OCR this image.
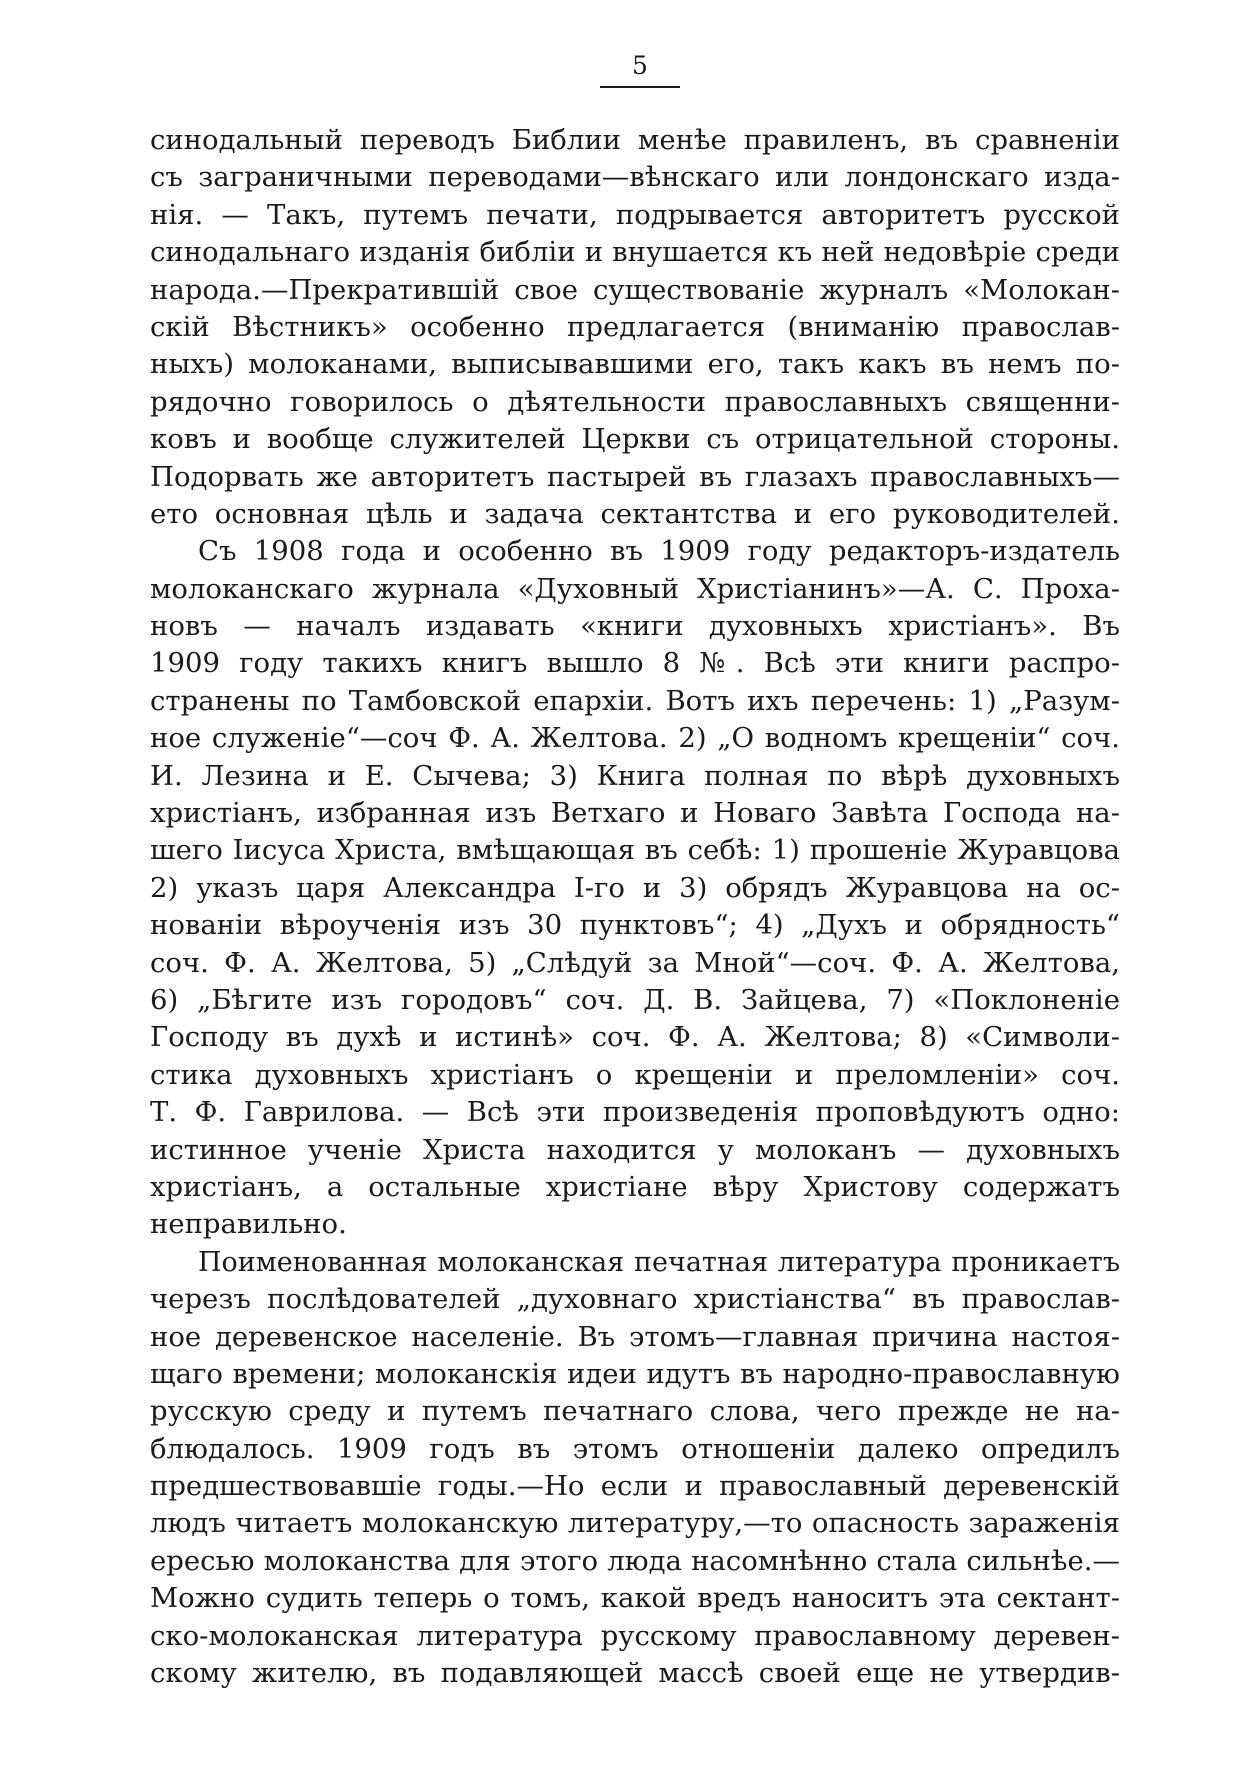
5
синодальный переводъ Библии менѣе правиленъ, въ сравненіи
съ заграничными переводами—вѣнскаго или лондонскаго изда-
нія. — Такъ, путемъ печати, подрывается авторитетъ русской
синодальнаго изданія библіи и внушается къ ней недовѣріе среди
народа.—Прекратившій свое существованіе журналъ «Молокан-
скій Вѣстникъ» особенно предлагается (вниманію православ-
ныхъ) молоканами, выписывавшими его, такъ какъ въ немъ по-
рядочно говорилось о дѣятельности православныхъ священни-
ковъ и вообще служителей Церкви съ отрицательной стороны.
Подорвать же авторитетъ пастырей въ глазахъ православныхъ—
ето основная цѣль и задача сектантства и его руководителей.
Съ 1908 года и особенно въ 1909 году редакторъ-издатель
молоканскаго журнала «Духовный Христіанинъ»—А. С. Проха-
новъ — началъ издавать «книги духовныхъ христіанъ». Въ
1909 году такихъ книгъ вышло 8 №. Всѣ эти книги распро-
странены по Тамбовской епархіи. Вотъ ихъ перечень: 1) „Разум-
ное служеніе“—соч Ф. А. Желтова. 2) „О водномъ крещеніи“ соч.
И. Лезина и Е. Сычева; 3) Книга полная по вѣрѣ духовныхъ
христіанъ, избранная изъ Ветхаго и Новаго Завѣта Господа на-
шего Іисуса Христа, вмѣщающая въ себѣ: 1) прошеніе Журавцова
2) указъ царя Александра І-го и 3) обрядъ Журавцова на ос-
нованіи вѣроученія изъ 30 пунктовъ“; 4) „Духъ и обрядность“
соч. Ф. А. Желтова, 5) „Слѣдуй за Мной“—соч. Ф. А. Желтова,
6) „Бѣгите изъ городовъ“ соч. Д. В. Зайцева, 7) «Поклоненіе
Господу въ духѣ и истинѣ» соч. Ф. А. Желтова; 8) «Символи-
стика духовныхъ христіанъ о крещеніи и преломленіи» соч.
Т. Ф. Гаврилова. — Всѣ эти произведенія проповѣдуютъ одно:
истинное ученіе Христа находится у молоканъ — духовныхъ
христіанъ, а остальные христіане вѣру Христову содержатъ
неправильно.
Поименованная молоканская печатная литература проникаетъ
черезъ послѣдователей „духовнаго христіанства“ въ православ-
ное деревенское населеніе. Въ этомъ—главная причина настоя-
щаго времени; молоканскія идеи идутъ въ народно-православную
русскую среду и путемъ печатнаго слова, чего прежде не на-
блюдалось. 1909 годъ въ этомъ отношеніи далеко опредилъ
предшествовавшіе годы.—Но если и православный деревенскій
людъ читаетъ молоканскую литературу,—то опасность зараженія
ересью молоканства для этого люда насомнѣнно стала сильнѣе.—
Можно судить теперь о томъ, какой вредъ наноситъ эта сектант-
ско-молоканская литература русскому православному деревен-
скому жителю, въ подавляющей массѣ своей еще не утвердив-
